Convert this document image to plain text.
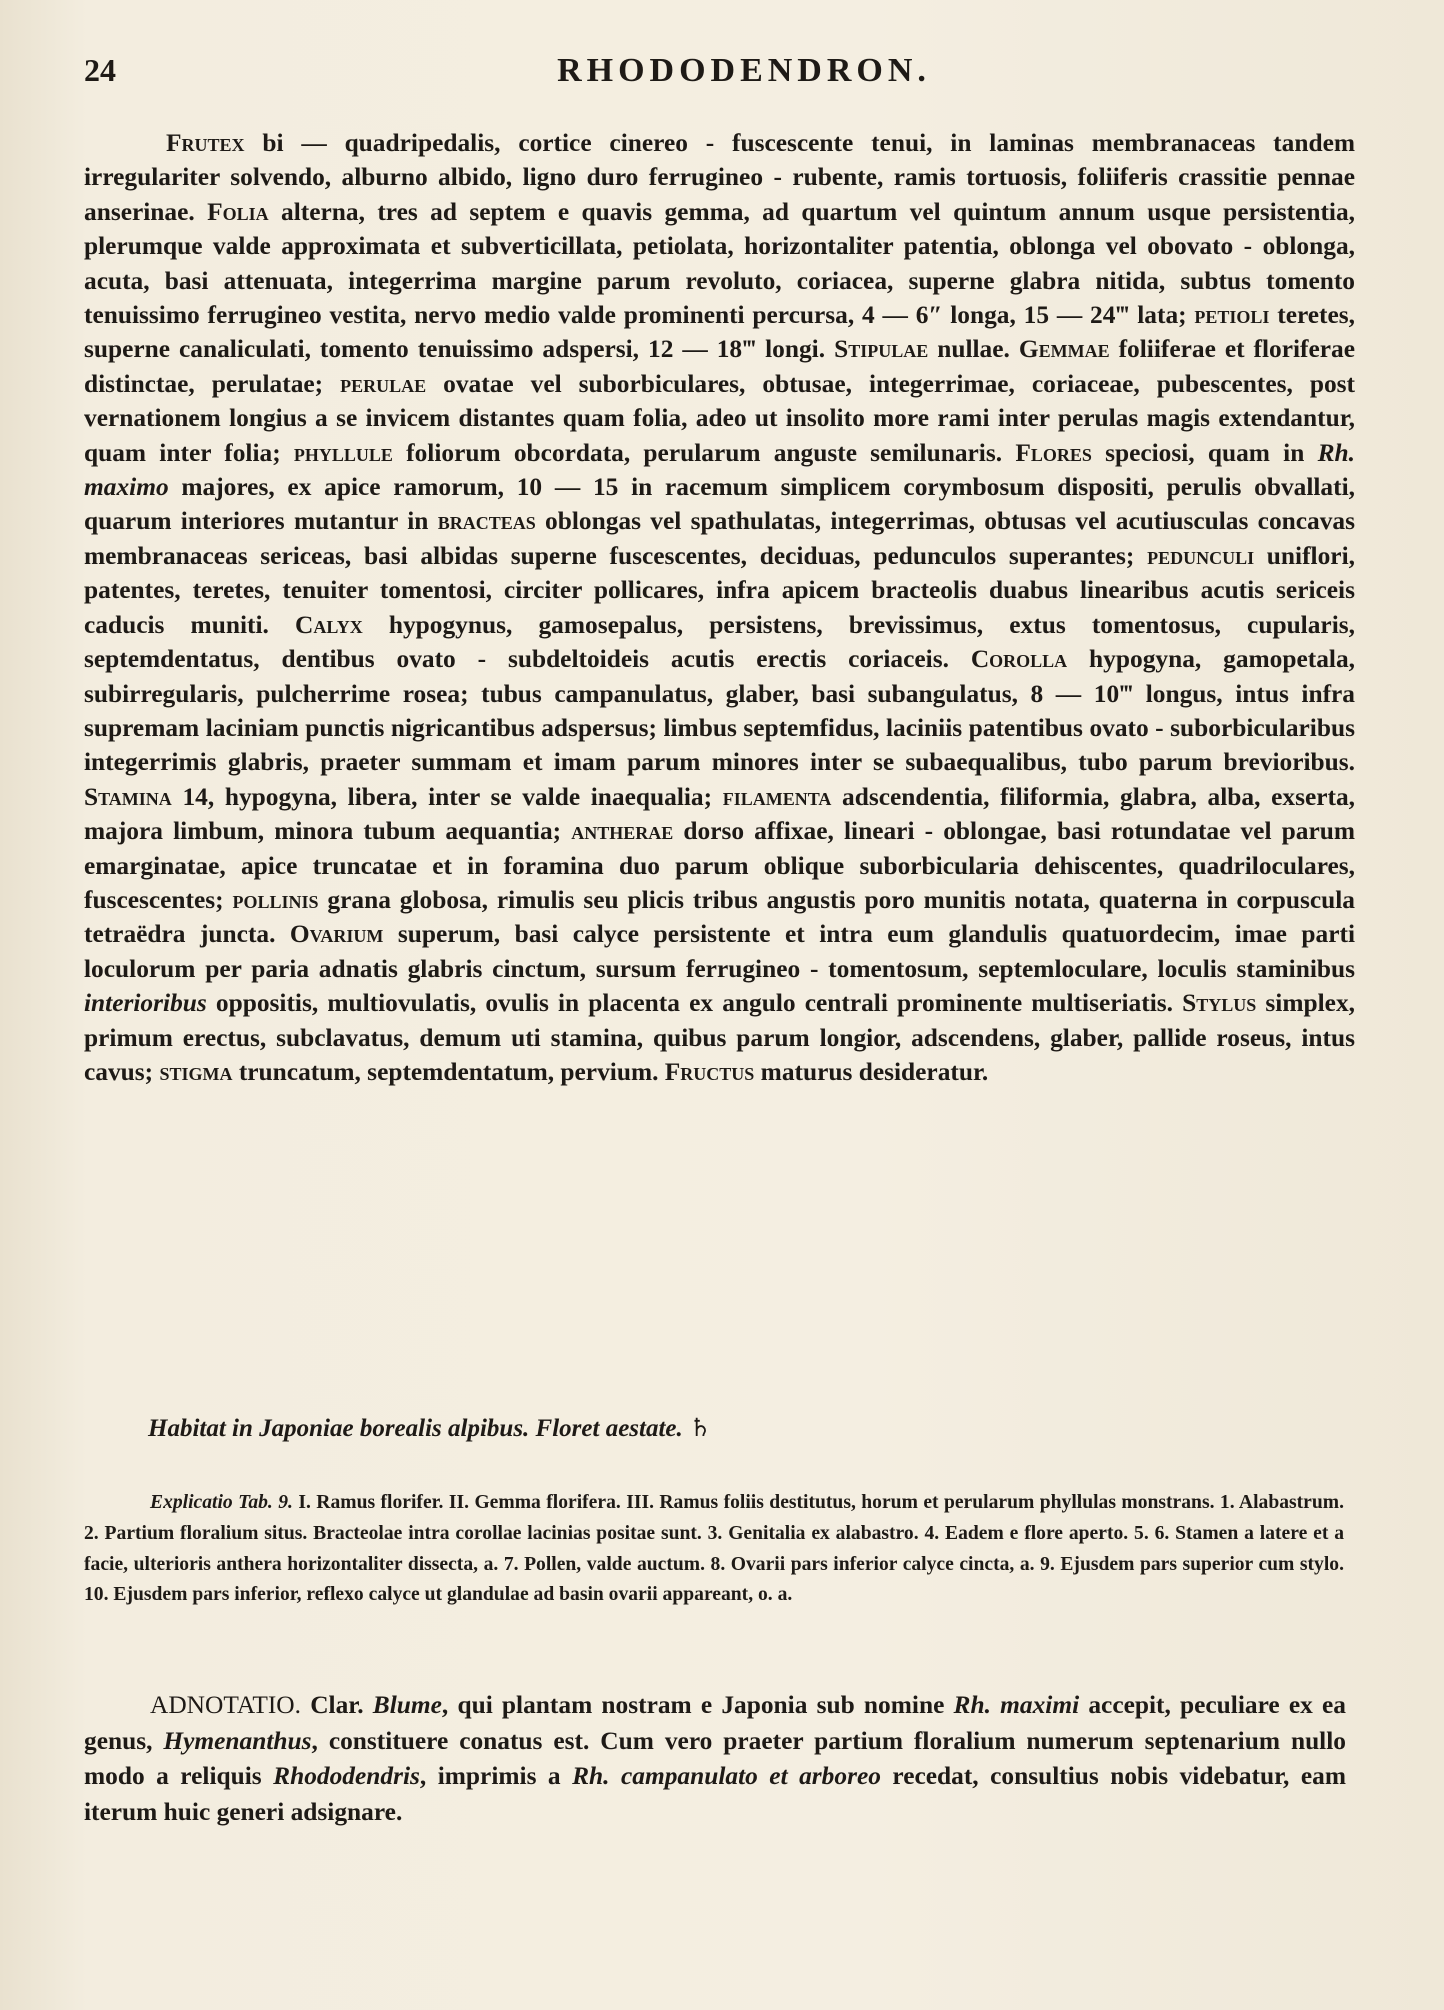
24	RHODODENDRON.

Frutex bi — quadripedalis, cortice cinereo - fuscescente tenui, in laminas membranaceas tandem irregulariter solvendo, alburno albido, ligno duro ferrugineo - rubente, ramis tortuosis, foliiferis crassitie pennae anserinae. Folia alterna, tres ad septem e quavis gemma, ad quartum vel quintum annum usque persistentia, plerumque valde approximata et subverticillata, petiolata, horizontaliter patentia, oblonga vel obovato - oblonga, acuta, basi attenuata, integerrima margine parum revoluto, coriacea, superne glabra nitida, subtus tomento tenuissimo ferrugineo vestita, nervo medio valde prominenti percursa, 4 — 6″ longa, 15 — 24‴ lata; petioli teretes, superne canaliculati, tomento tenuissimo adspersi, 12 — 18‴ longi. Stipulae nullae. Gemmae foliiferae et floriferae distinctae, perulatae; perulae ovatae vel suborbiculares, obtusae, integerrimae, coriaceae, pubescentes, post vernationem longius a se invicem distantes quam folia, adeo ut insolito more rami inter perulas magis extendantur, quam inter folia; phyllule foliorum obcordata, perularum anguste semilunaris. Flores speciosi, quam in Rh. maximo majores, ex apice ramorum, 10 — 15 in racemum simplicem corymbosum dispositi, perulis obvallati, quarum interiores mutantur in bracteas oblongas vel spathulatas, integerrimas, obtusas vel acutiusculas concavas membranaceas sericeas, basi albidas superne fuscescentes, deciduas, pedunculos superantes; pedunculi uniflori, patentes, teretes, tenuiter tomentosi, circiter pollicares, infra apicem bracteolis duabus linearibus acutis sericeis caducis muniti. Calyx hypogynus, gamosepalus, persistens, brevissimus, extus tomentosus, cupularis, septemdentatus, dentibus ovato - subdeltoideis acutis erectis coriaceis. Corolla hypogyna, gamopetala, subirregularis, pulcherrime rosea; tubus campanulatus, glaber, basi subangulatus, 8 — 10‴ longus, intus infra supremam laciniam punctis nigricantibus adspersus; limbus septemfidus, laciniis patentibus ovato - suborbicularibus integerrimis glabris, praeter summam et imam parum minores inter se subaequalibus, tubo parum brevioribus. Stamina 14, hypogyna, libera, inter se valde inaequalia; filamenta adscendentia, filiformia, glabra, alba, exserta, majora limbum, minora tubum aequantia; antherae dorso affixae, lineari - oblongae, basi rotundatae vel parum emarginatae, apice truncatae et in foramina duo parum oblique suborbicularia dehiscentes, quadriloculares, fuscescentes; pollinis grana globosa, rimulis seu plicis tribus angustis poro munitis notata, quaterna in corpuscula tetraëdra juncta. Ovarium superum, basi calyce persistente et intra eum glandulis quatuordecim, imae parti loculorum per paria adnatis glabris cinctum, sursum ferrugineo - tomentosum, septemloculare, loculis staminibus interioribus oppositis, multiovulatis, ovulis in placenta ex angulo centrali prominente multiseriatis. Stylus simplex, primum erectus, subclavatus, demum uti stamina, quibus parum longior, adscendens, glaber, pallide roseus, intus cavus; stigma truncatum, septemdentatum, pervium. Fructus maturus desideratur.

Habitat in Japoniae borealis alpibus. Floret aestate. ♄

Explicatio Tab. 9. I. Ramus florifer. II. Gemma florifera. III. Ramus foliis destitutus, horum et perularum phyllulas monstrans. 1. Alabastrum. 2. Partium floralium situs. Bracteolae intra corollae lacinias positae sunt. 3. Genitalia ex alabastro. 4. Eadem e flore aperto. 5. 6. Stamen a latere et a facie, ulterioris anthera horizontaliter dissecta, a. 7. Pollen, valde auctum. 8. Ovarii pars inferior calyce cincta, a. 9. Ejusdem pars superior cum stylo. 10. Ejusdem pars inferior, reflexo calyce ut glandulae ad basin ovarii appareant, o. a.

ADNOTATIO. Clar. Blume, qui plantam nostram e Japonia sub nomine Rh. maximi accepit, peculiare ex ea genus, Hymenanthus, constituere conatus est. Cum vero praeter partium floralium numerum septenarium nullo modo a reliquis Rhododendris, imprimis a Rh. campanulato et arboreo recedat, consultius nobis videbatur, eam iterum huic generi adsignare.
